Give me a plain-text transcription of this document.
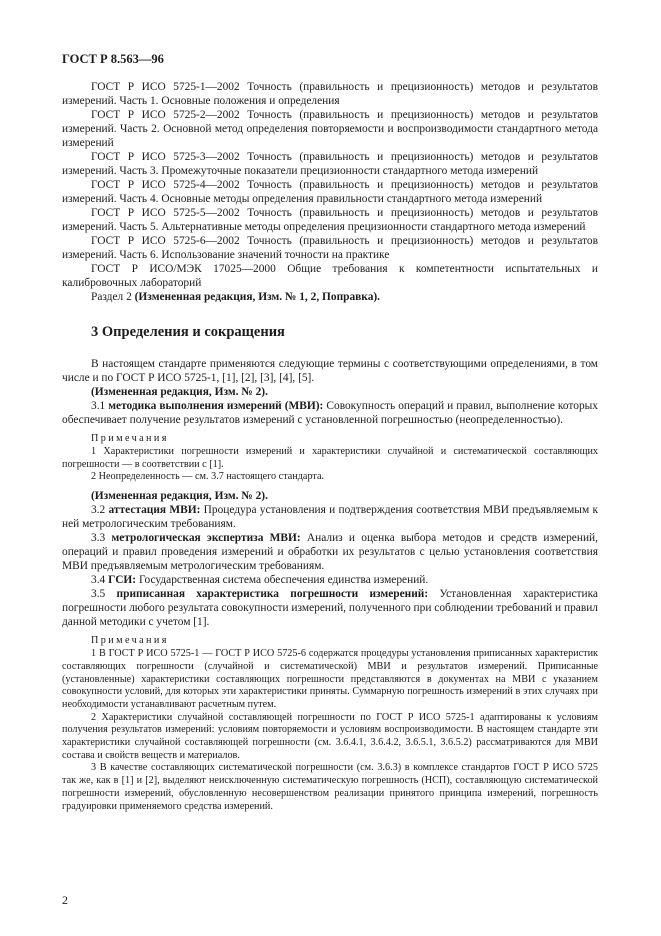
ГОСТ Р 8.563—96

ГОСТ Р ИСО 5725-1—2002 Точность (правильность и прецизионность) методов и результатов измерений. Часть 1. Основные положения и определения

ГОСТ Р ИСО 5725-2—2002 Точность (правильность и прецизионность) методов и результатов измерений. Часть 2. Основной метод определения повторяемости и воспроизводимости стандартного метода измерений

ГОСТ Р ИСО 5725-3—2002 Точность (правильность и прецизионность) методов и результатов измерений. Часть 3. Промежуточные показатели прецизионности стандартного метода измерений

ГОСТ Р ИСО 5725-4—2002 Точность (правильность и прецизионность) методов и результатов измерений. Часть 4. Основные методы определения правильности стандартного метода измерений

ГОСТ Р ИСО 5725-5—2002 Точность (правильность и прецизионность) методов и результатов измерений. Часть 5. Альтернативные методы определения прецизионности стандартного метода измерений

ГОСТ Р ИСО 5725-6—2002 Точность (правильность и прецизионность) методов и результатов измерений. Часть 6. Использование значений точности на практике

ГОСТ Р ИСО/МЭК 17025—2000 Общие требования к компетентности испытательных и калибровочных лабораторий

Раздел 2 (Измененная редакция, Изм. № 1, 2, Поправка).

3 Определения и сокращения

В настоящем стандарте применяются следующие термины с соответствующими определениями, в том числе и по ГОСТ Р ИСО 5725-1, [1], [2], [3], [4], [5].

(Измененная редакция, Изм. № 2).

3.1 методика выполнения измерений (МВИ): Совокупность операций и правил, выполнение которых обеспечивает получение результатов измерений с установленной погрешностью (неопределенностью).

Примечания

1 Характеристики погрешности измерений и характеристики случайной и систематической составляющих погрешности — в соответствии с [1].

2 Неопределенность — см. 3.7 настоящего стандарта.

(Измененная редакция, Изм. № 2).

3.2 аттестация МВИ: Процедура установления и подтверждения соответствия МВИ предъявляемым к ней метрологическим требованиям.

3.3 метрологическая экспертиза МВИ: Анализ и оценка выбора методов и средств измерений, операций и правил проведения измерений и обработки их результатов с целью установления соответствия МВИ предъявляемым метрологическим требованиям.

3.4 ГСИ: Государственная система обеспечения единства измерений.

3.5 приписанная характеристика погрешности измерений: Установленная характеристика погрешности любого результата совокупности измерений, полученного при соблюдении требований и правил данной методики с учетом [1].

Примечания

1 В ГОСТ Р ИСО 5725-1 — ГОСТ Р ИСО 5725-6 содержатся процедуры установления приписанных характеристик составляющих погрешности (случайной и систематической) МВИ и результатов измерений. Приписанные (установленные) характеристики составляющих погрешности представляются в документах на МВИ с указанием совокупности условий, для которых эти характеристики приняты. Суммарную погрешность измерений в этих случаях при необходимости устанавливают расчетным путем.

2 Характеристики случайной составляющей погрешности по ГОСТ Р ИСО 5725-1 адаптированы к условиям получения результатов измерений: условиям повторяемости и условиям воспроизводимости. В настоящем стандарте эти характеристики случайной составляющей погрешности (см. 3.6.4.1, 3.6.4.2, 3.6.5.1, 3.6.5.2) рассматриваются для МВИ состава и свойств веществ и материалов.

3 В качестве составляющих систематической погрешности (см. 3.6.3) в комплексе стандартов ГОСТ Р ИСО 5725 так же, как в [1] и [2], выделяют неисключенную систематическую погрешность (НСП), составляющую систематической погрешности измерений, обусловленную несовершенством реализации принятого принципа измерений, погрешность градуировки применяемого средства измерений.

2
